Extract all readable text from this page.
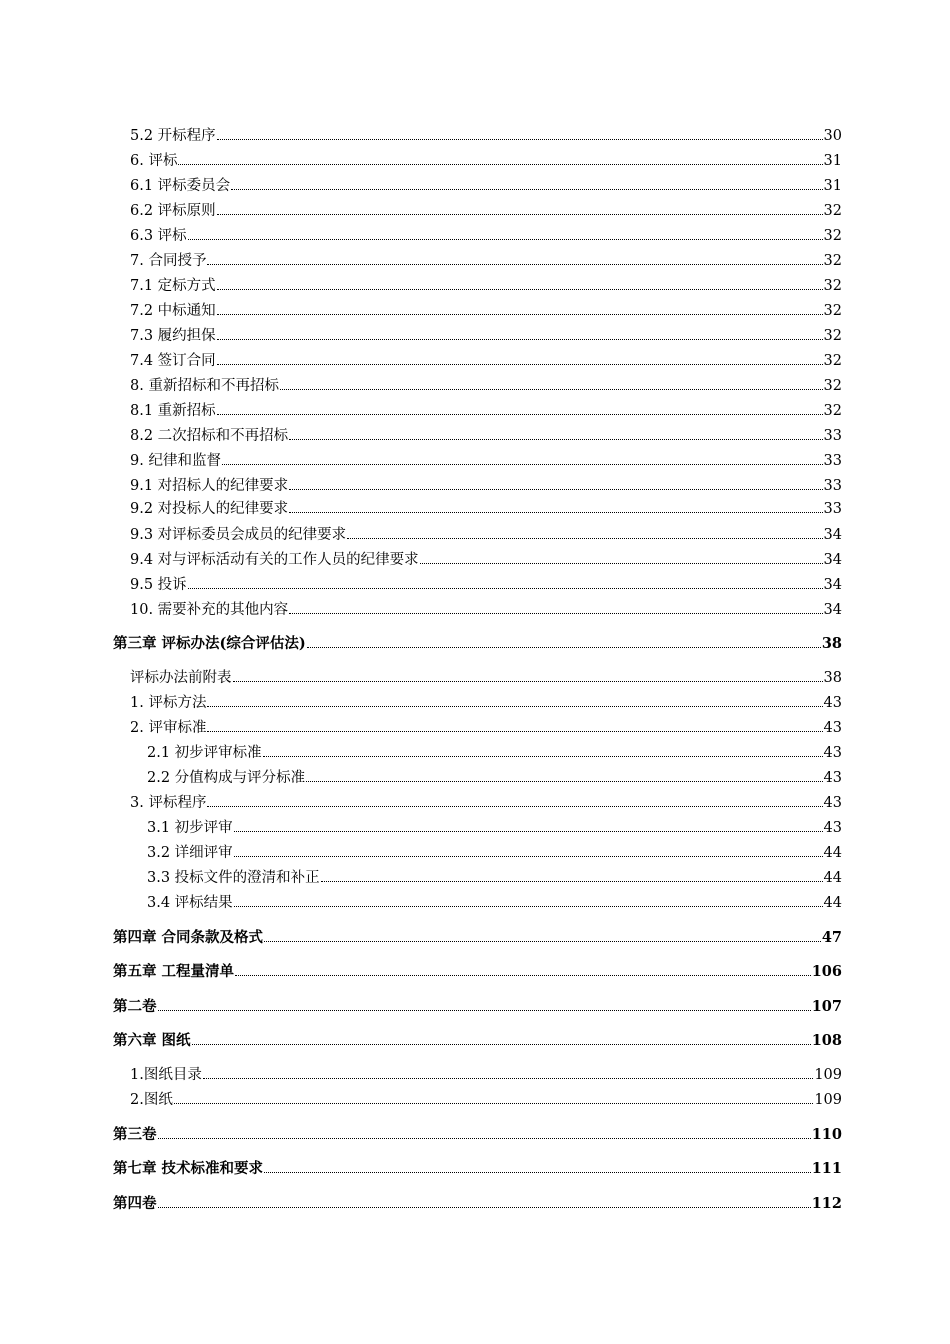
5.2 开标程序	30
6. 评标	31
6.1 评标委员会	31
6.2 评标原则	32
6.3 评标	32
7. 合同授予	32
7.1 定标方式	32
7.2 中标通知	32
7.3 履约担保	32
7.4 签订合同	32
8. 重新招标和不再招标	32
8.1 重新招标	32
8.2 二次招标和不再招标	33
9. 纪律和监督	33
9.1 对招标人的纪律要求	33
9.2 对投标人的纪律要求	33
9.3 对评标委员会成员的纪律要求	34
9.4 对与评标活动有关的工作人员的纪律要求	34
9.5 投诉	34
10. 需要补充的其他内容	34
第三章 评标办法(综合评估法)	38
评标办法前附表	38
1. 评标方法	43
2. 评审标准	43
2.1 初步评审标准	43
2.2 分值构成与评分标准	43
3. 评标程序	43
3.1 初步评审	43
3.2 详细评审	44
3.3 投标文件的澄清和补正	44
3.4 评标结果	44
第四章 合同条款及格式	47
第五章 工程量清单	106
第二卷	107
第六章 图纸	108
1.图纸目录	109
2.图纸	109
第三卷	110
第七章 技术标准和要求	111
第四卷	112
